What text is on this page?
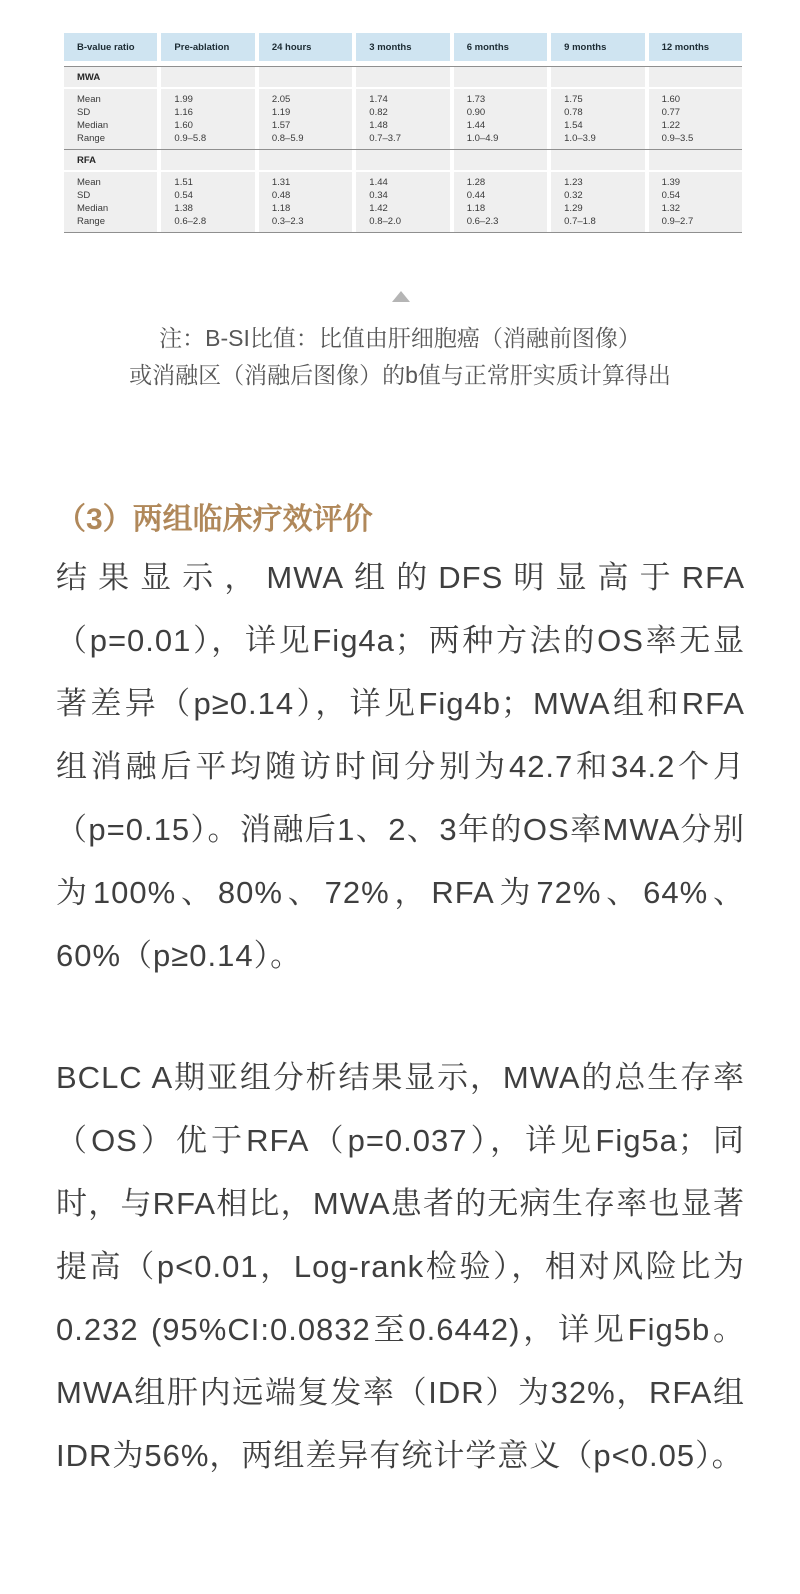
B-value ratio	Pre-ablation	24 hours	3 months	6 months	9 months	12 months
MWA
Mean	1.99	2.05	1.74	1.73	1.75	1.60
SD	1.16	1.19	0.82	0.90	0.78	0.77
Median	1.60	1.57	1.48	1.44	1.54	1.22
Range	0.9–5.8	0.8–5.9	0.7–3.7	1.0–4.9	1.0–3.9	0.9–3.5
RFA
Mean	1.51	1.31	1.44	1.28	1.23	1.39
SD	0.54	0.48	0.34	0.44	0.32	0.54
Median	1.38	1.18	1.42	1.18	1.29	1.32
Range	0.6–2.8	0.3–2.3	0.8–2.0	0.6–2.3	0.7–1.8	0.9–2.7
注：B-SI比值：比值由肝细胞癌（消融前图像）
或消融区（消融后图像）的b值与正常肝实质计算得出
（3）两组临床疗效评价
结果显示，MWA组的DFS明显高于RFA（p=0.01），详见Fig4a；两种方法的OS率无显著差异（p≥0.14），详见Fig4b；MWA组和RFA组消融后平均随访时间分别为42.7和34.2个月（p=0.15）。消融后1、2、3年的OS率MWA分别为100%、80%、72%，RFA为72%、64%、60%（p≥0.14）。
BCLC A期亚组分析结果显示，MWA的总生存率（OS）优于RFA（p=0.037），详见Fig5a；同时，与RFA相比，MWA患者的无病生存率也显著提高（p<0.01，Log-rank检验），相对风险比为0.232 (95%CI:0.0832至0.6442)，详见Fig5b。MWA组肝内远端复发率（IDR）为32%，RFA组IDR为56%，两组差异有统计学意义（p<0.05）。
